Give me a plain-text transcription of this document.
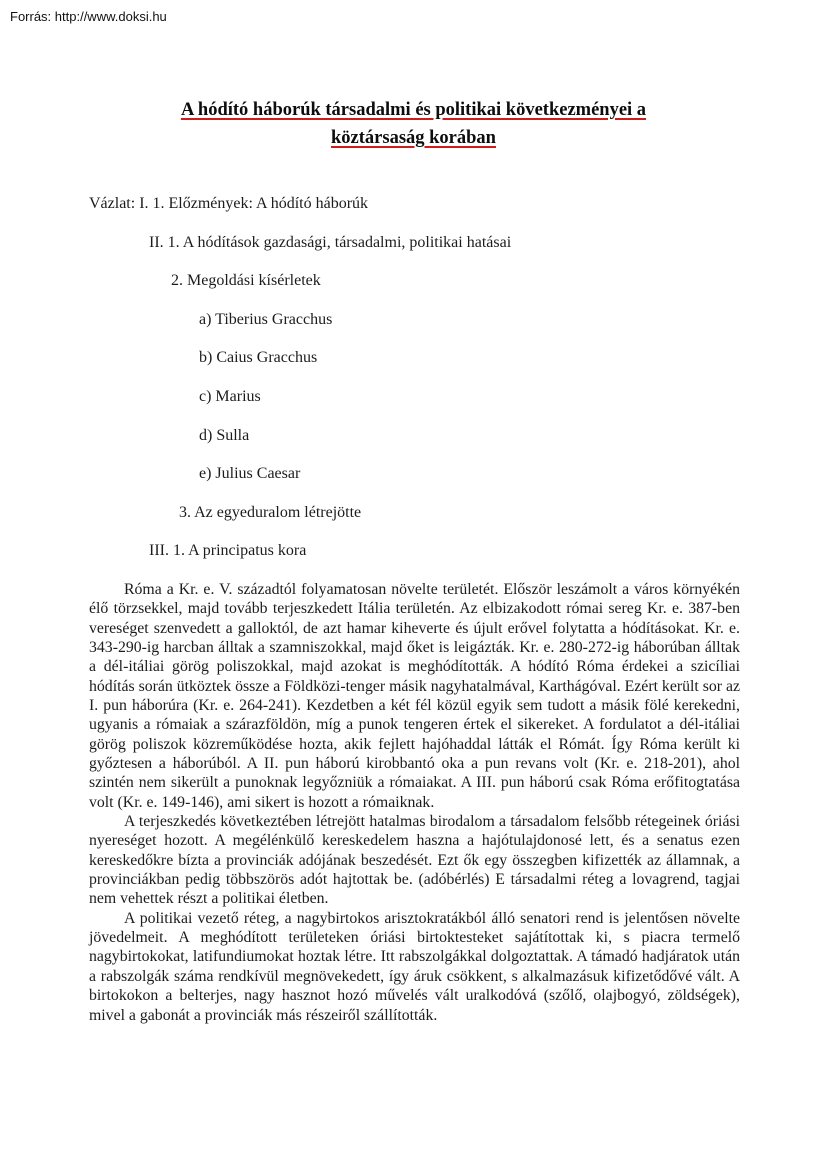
Forrás: http://www.doksi.hu
A hódító háborúk társadalmi és politikai következményei a
köztársaság korában
Vázlat: I. 1. Előzmények: A hódító háborúk
II. 1. A hódítások gazdasági, társadalmi, politikai hatásai
2. Megoldási kísérletek
a) Tiberius Gracchus
b) Caius Gracchus
c) Marius
d) Sulla
e) Julius Caesar
3. Az egyeduralom létrejötte
III. 1. A principatus kora

Róma a Kr. e. V. századtól folyamatosan növelte területét. Először leszámolt a város környékén élő törzsekkel, majd tovább terjeszkedett Itália területén. Az elbizakodott római sereg Kr. e. 387-ben vereséget szenvedett a galloktól, de azt hamar kiheverte és újult erővel folytatta a hódításokat. Kr. e. 343-290-ig harcban álltak a szamniszokkal, majd őket is leigázták. Kr. e. 280-272-ig háborúban álltak a dél-itáliai görög poliszokkal, majd azokat is meghódították. A hódító Róma érdekei a szicíliai hódítás során ütköztek össze a Földközi-tenger másik nagyhatalmával, Karthágóval. Ezért került sor az I. pun háborúra (Kr. e. 264-241). Kezdetben a két fél közül egyik sem tudott a másik fölé kerekedni, ugyanis a rómaiak a szárazföldön, míg a punok tengeren értek el sikereket. A fordulatot a dél-itáliai görög poliszok közreműködése hozta, akik fejlett hajóhaddal látták el Rómát. Így Róma került ki győztesen a háborúból. A II. pun háború kirobbantó oka a pun revans volt (Kr. e. 218-201), ahol szintén nem sikerült a punoknak legyőzniük a rómaiakat. A III. pun háború csak Róma erőfitogtatása volt (Kr. e. 149-146), ami sikert is hozott a rómaiknak.

A terjeszkedés következtében létrejött hatalmas birodalom a társadalom felsőbb rétegeinek óriási nyereséget hozott. A megélénkülő kereskedelem haszna a hajótulajdonosé lett, és a senatus ezen kereskedőkre bízta a provinciák adójának beszedését. Ezt ők egy összegben kifizették az államnak, a provinciákban pedig többszörös adót hajtottak be. (adóbérlés) E társadalmi réteg a lovagrend, tagjai nem vehettek részt a politikai életben.

A politikai vezető réteg, a nagybirtokos arisztokratákból álló senatori rend is jelentősen növelte jövedelmeit. A meghódított területeken óriási birtoktesteket sajátítottak ki, s piacra termelő nagybirtokokat, latifundiumokat hoztak létre. Itt rabszolgákkal dolgoztattak. A támadó hadjáratok után a rabszolgák száma rendkívül megnövekedett, így áruk csökkent, s alkalmazásuk kifizetődővé vált. A birtokokon a belterjes, nagy hasznot hozó művelés vált uralkodóvá (szőlő, olajbogyó, zöldségek), mivel a gabonát a provinciák más részeiről szállították.
